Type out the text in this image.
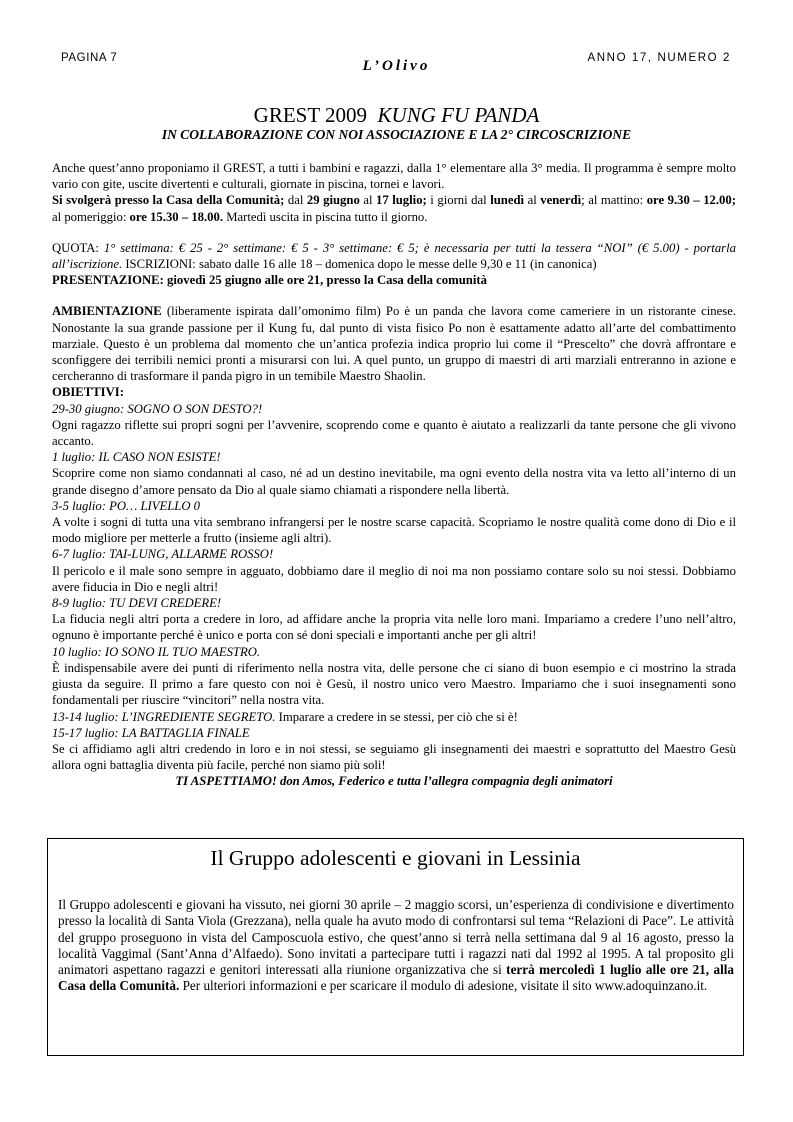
PAGINA 7	L’Olivo	ANNO 17, NUMERO 2
GREST 2009 KUNG FU PANDA
IN COLLABORAZIONE CON NOI ASSOCIAZIONE E LA 2° CIRCOSCRIZIONE

Anche quest’anno proponiamo il GREST, a tutti i bambini e ragazzi, dalla 1° elementare alla 3° media. Il programma è sempre molto vario con gite, uscite divertenti e culturali, giornate in piscina, tornei e lavori.

Si svolgerà presso la Casa della Comunità; dal 29 giugno al 17 luglio; i giorni dal lunedì al venerdì; al mattino: ore 9.30 – 12.00; al pomeriggio: ore 15.30 – 18.00. Martedì uscita in piscina tutto il giorno.

QUOTA: 1° settimana: € 25 - 2° settimane: € 5 - 3° settimane: € 5; è necessaria per tutti la tessera “NOI” (€ 5.00) - portarla all’iscrizione. ISCRIZIONI: sabato dalle 16 alle 18 – domenica dopo le messe delle 9,30 e 11 (in canonica)

PRESENTAZIONE: giovedì 25 giugno alle ore 21, presso la Casa della comunità

AMBIENTAZIONE (liberamente ispirata dall’omonimo film) Po è un panda che lavora come cameriere in un ristorante cinese. Nonostante la sua grande passione per il Kung fu, dal punto di vista fisico Po non è esattamente adatto all’arte del combattimento marziale. Questo è un problema dal momento che un’antica profezia indica proprio lui come il “Prescelto” che dovrà affrontare e sconfiggere dei terribili nemici pronti a misurarsi con lui. A quel punto, un gruppo di maestri di arti marziali entreranno in azione e cercheranno di trasformare il panda pigro in un temibile Maestro Shaolin.

OBIETTIVI:

29-30 giugno: SOGNO O SON DESTO?!

Ogni ragazzo riflette sui propri sogni per l’avvenire, scoprendo come e quanto è aiutato a realizzarli da tante persone che gli vivono accanto.

1 luglio: IL CASO NON ESISTE!

Scoprire come non siamo condannati al caso, né ad un destino inevitabile, ma ogni evento della nostra vita va letto all’interno di un grande disegno d’amore pensato da Dio al quale siamo chiamati a rispondere nella libertà.

3-5 luglio: PO… LIVELLO 0

A volte i sogni di tutta una vita sembrano infrangersi per le nostre scarse capacità. Scopriamo le nostre qualità come dono di Dio e il modo migliore per metterle a frutto (insieme agli altri).

6-7 luglio: TAI-LUNG, ALLARME ROSSO!

Il pericolo e il male sono sempre in agguato, dobbiamo dare il meglio di noi ma non possiamo contare solo su noi stessi. Dobbiamo avere fiducia in Dio e negli altri!

8-9 luglio: TU DEVI CREDERE!

La fiducia negli altri porta a credere in loro, ad affidare anche la propria vita nelle loro mani. Impariamo a credere l’uno nell’altro, ognuno è importante perché è unico e porta con sé doni speciali e importanti anche per gli altri!

10 luglio: IO SONO IL TUO MAESTRO.

È indispensabile avere dei punti di riferimento nella nostra vita, delle persone che ci siano di buon esempio e ci mostrino la strada giusta da seguire. Il primo a fare questo con noi è Gesù, il nostro unico vero Maestro. Impariamo che i suoi insegnamenti sono fondamentali per riuscire “vincitori” nella nostra vita.

13-14 luglio: L’INGREDIENTE SEGRETO. Imparare a credere in se stessi, per ciò che si è!

15-17 luglio: LA BATTAGLIA FINALE

Se ci affidiamo agli altri credendo in loro e in noi stessi, se seguiamo gli insegnamenti dei maestri e soprattutto del Maestro Gesù allora ogni battaglia diventa più facile, perché non siamo più soli!

TI ASPETTIAMO! don Amos, Federico e tutta l’allegra compagnia degli animatori

Il Gruppo adolescenti e giovani in Lessinia

Il Gruppo adolescenti e giovani ha vissuto, nei giorni 30 aprile – 2 maggio scorsi, un’esperienza di condivisione e divertimento presso la località di Santa Viola (Grezzana), nella quale ha avuto modo di confrontarsi sul tema “Relazioni di Pace”. Le attività del gruppo proseguono in vista del Camposcuola estivo, che quest’anno si terrà nella settimana dal 9 al 16 agosto, presso la località Vaggimal (Sant’Anna d’Alfaedo). Sono invitati a partecipare tutti i ragazzi nati dal 1992 al 1995. A tal proposito gli animatori aspettano ragazzi e genitori interessati alla riunione organizzativa che si terrà mercoledì 1 luglio alle ore 21, alla Casa della Comunità. Per ulteriori informazioni e per scaricare il modulo di adesione, visitate il sito www.adoquinzano.it.
